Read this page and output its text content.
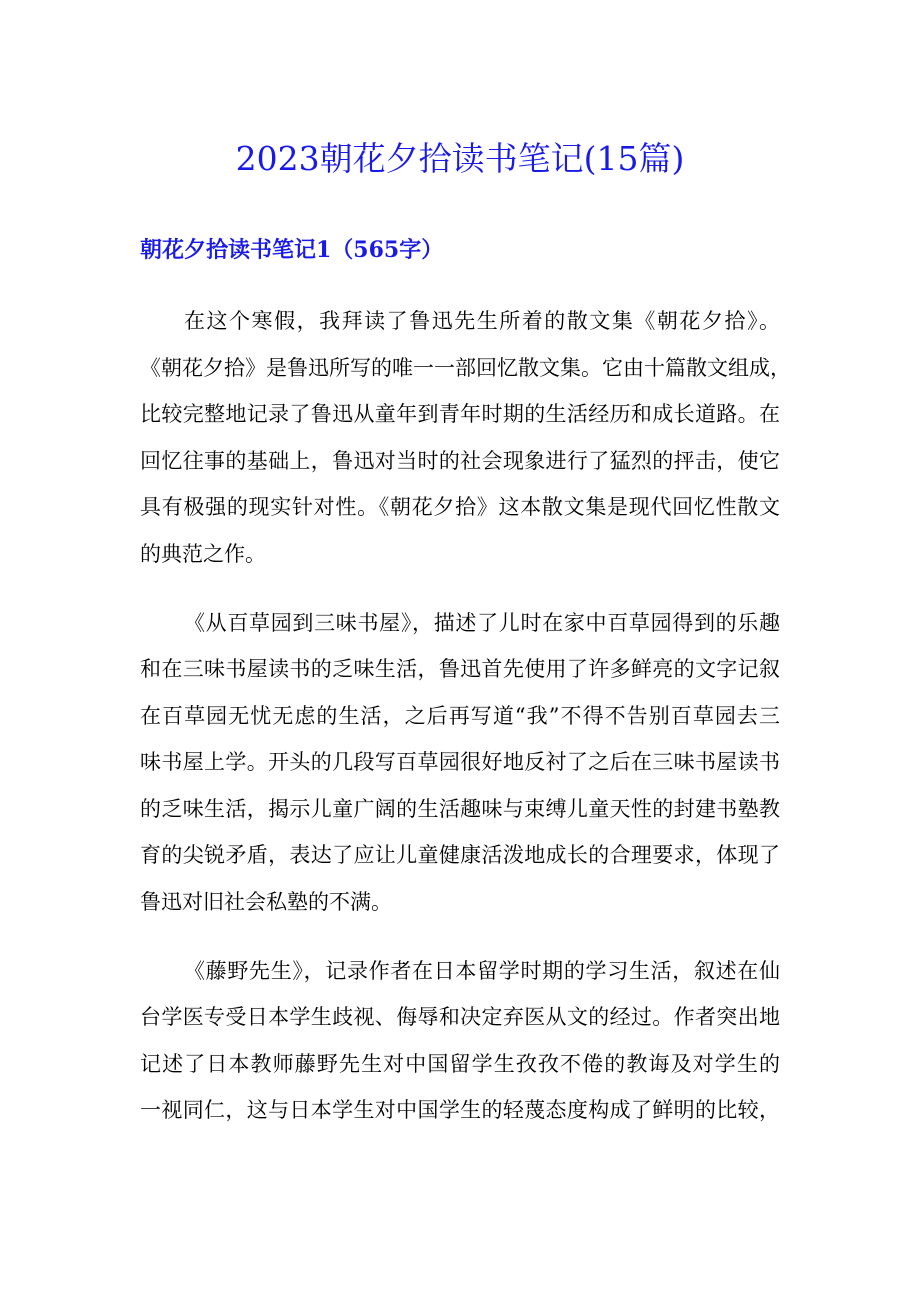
2023朝花夕拾读书笔记(15篇)
朝花夕拾读书笔记1（565字）
在这个寒假，我拜读了鲁迅先生所着的散文集《朝花夕拾》。
《朝花夕拾》是鲁迅所写的唯一一部回忆散文集。它由十篇散文组成，
比较完整地记录了鲁迅从童年到青年时期的生活经历和成长道路。在
回忆往事的基础上，鲁迅对当时的社会现象进行了猛烈的抨击，使它
具有极强的现实针对性。《朝花夕拾》这本散文集是现代回忆性散文
的典范之作。
《从百草园到三味书屋》，描述了儿时在家中百草园得到的乐趣
和在三味书屋读书的乏味生活，鲁迅首先使用了许多鲜亮的文字记叙
在百草园无忧无虑的生活，之后再写道“我”不得不告别百草园去三
味书屋上学。开头的几段写百草园很好地反衬了之后在三味书屋读书
的乏味生活，揭示儿童广阔的生活趣味与束缚儿童天性的封建书塾教
育的尖锐矛盾，表达了应让儿童健康活泼地成长的合理要求，体现了
鲁迅对旧社会私塾的不满。
《藤野先生》，记录作者在日本留学时期的学习生活，叙述在仙
台学医专受日本学生歧视、侮辱和决定弃医从文的经过。作者突出地
记述了日本教师藤野先生对中国留学生孜孜不倦的教诲及对学生的
一视同仁，这与日本学生对中国学生的轻蔑态度构成了鲜明的比较，
